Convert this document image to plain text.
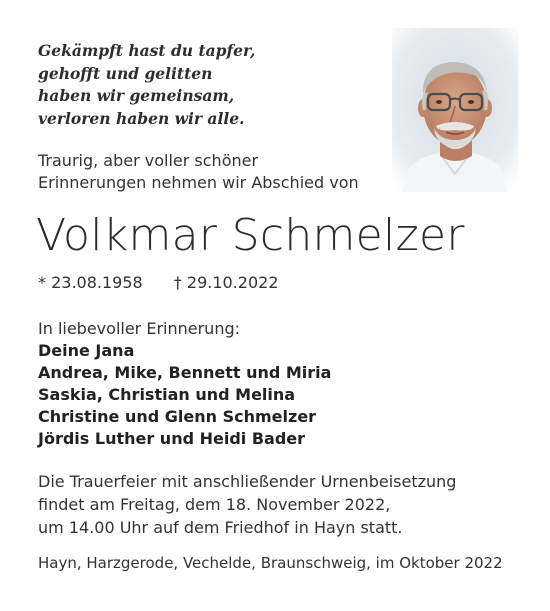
Gekämpft hast du tapfer,
gehofft und gelitten
haben wir gemeinsam,
verloren haben wir alle.
Traurig, aber voller schöner
Erinnerungen nehmen wir Abschied von
Volkmar Schmelzer
* 23.08.1958 † 29.10.2022
In liebevoller Erinnerung:
Deine Jana
Andrea, Mike, Bennett und Miria
Saskia, Christian und Melina
Christine und Glenn Schmelzer
Jördis Luther und Heidi Bader
Die Trauerfeier mit anschließender Urnenbeisetzung
findet am Freitag, dem 18. November 2022,
um 14.00 Uhr auf dem Friedhof in Hayn statt.
Hayn, Harzgerode, Vechelde, Braunschweig, im Oktober 2022
